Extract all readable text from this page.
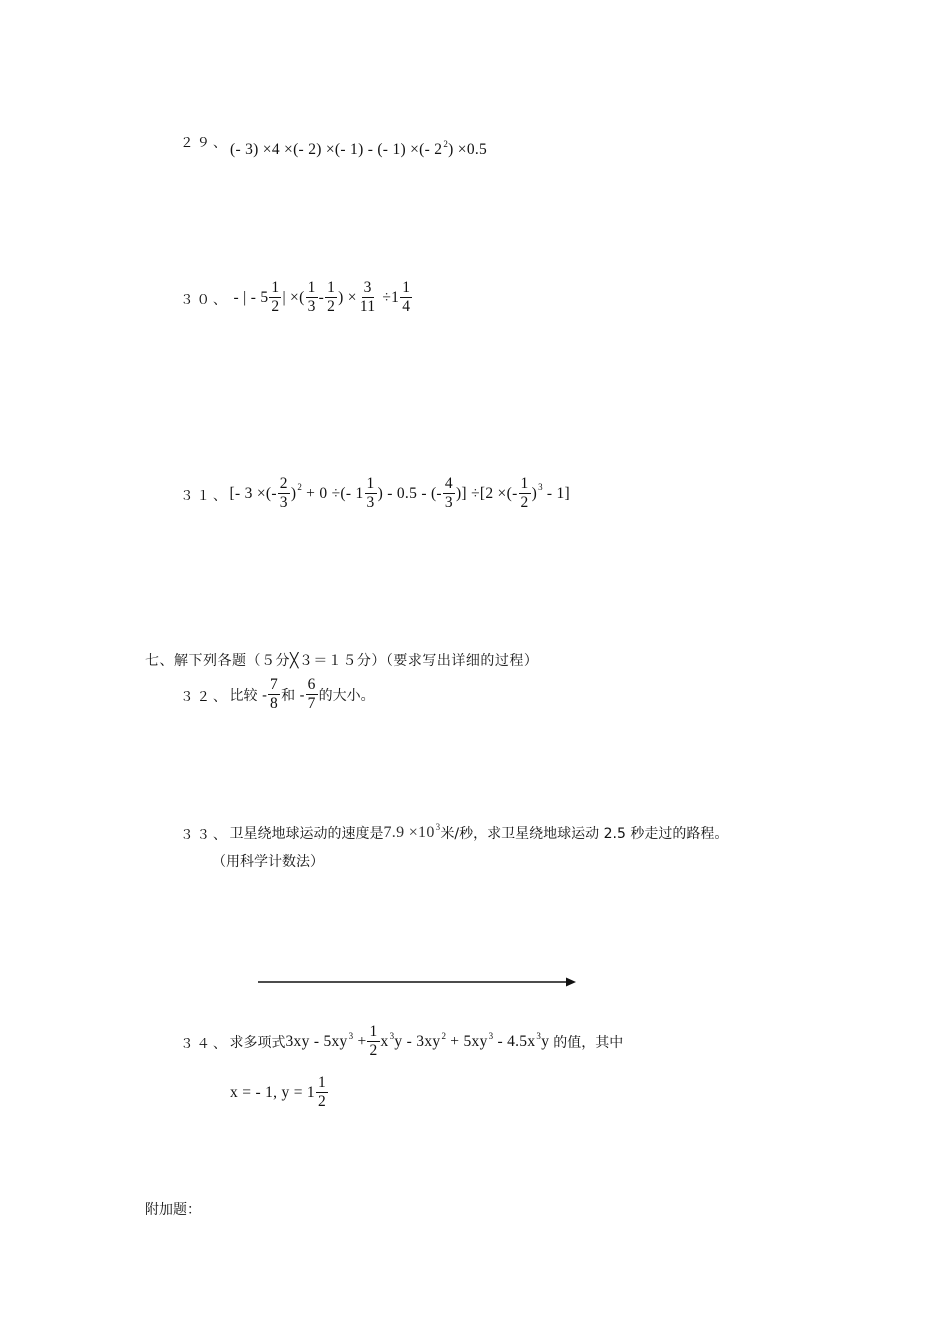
２９、 (- 3) ×4 ×(- 2) ×(- 1) - (- 1) ×(- $2^2) \times 0.5$
３０、 - | - $5 \frac{1}{2}$ | ×( $\frac{1}{3} - \frac{1}{2}$ ) × $\frac{3}{11} \div 1 \frac{1}{4}$
３１、 [- 3 ×(- $\frac{2}{3} )^2 + 0$ ÷(- $1 \frac{1}{3}$ ) - 0.5 - (- $\frac{4}{3}$ )] ÷[2 ×(- $\frac{1}{2} )^3 - 1$]
七、解下列各题（５分╳３＝１５分）（要求写出详细的过程）
３２、 比较 - $\frac{7}{8}$ 和 - $\frac{6}{7}$ 的大小。
３３、 卫星绕地球运动的速度是 $7.9 \times 10^3$ 米/秒，求卫星绕地球运动 2.5 秒走过的路程。
（用科学计数法）
３４、 求多项式 $3xy - 5xy^3 + \frac{1}{2} x^3y - 3xy^2 + 5xy^3 - 4.5x^3y$ 的值，其中
x = - 1, $y = 1 \frac{1}{2}$
附加题：
